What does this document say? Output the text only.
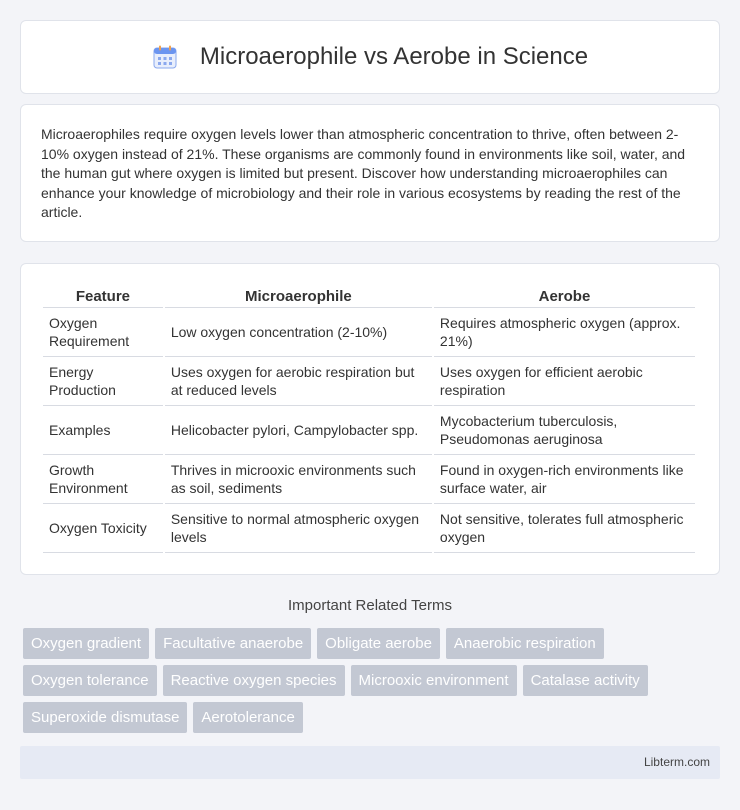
Microaerophile vs Aerobe in Science

Microaerophiles require oxygen levels lower than atmospheric concentration to thrive, often between 2-10% oxygen instead of 21%. These organisms are commonly found in environments like soil, water, and the human gut where oxygen is limited but present. Discover how understanding microaerophiles can enhance your knowledge of microbiology and their role in various ecosystems by reading the rest of the article.

Feature	Microaerophile	Aerobe
Oxygen Requirement	Low oxygen concentration (2-10%)	Requires atmospheric oxygen (approx. 21%)
Energy Production	Uses oxygen for aerobic respiration but at reduced levels	Uses oxygen for efficient aerobic respiration
Examples	Helicobacter pylori, Campylobacter spp.	Mycobacterium tuberculosis, Pseudomonas aeruginosa
Growth Environment	Thrives in microoxic environments such as soil, sediments	Found in oxygen-rich environments like surface water, air
Oxygen Toxicity	Sensitive to normal atmospheric oxygen levels	Not sensitive, tolerates full atmospheric oxygen
Important Related Terms
Oxygen gradient	Facultative anaerobe	Obligate aerobe	Anaerobic respiration
Oxygen tolerance	Reactive oxygen species	Microoxic environment	Catalase activity
Superoxide dismutase	Aerotolerance
Libterm.com
